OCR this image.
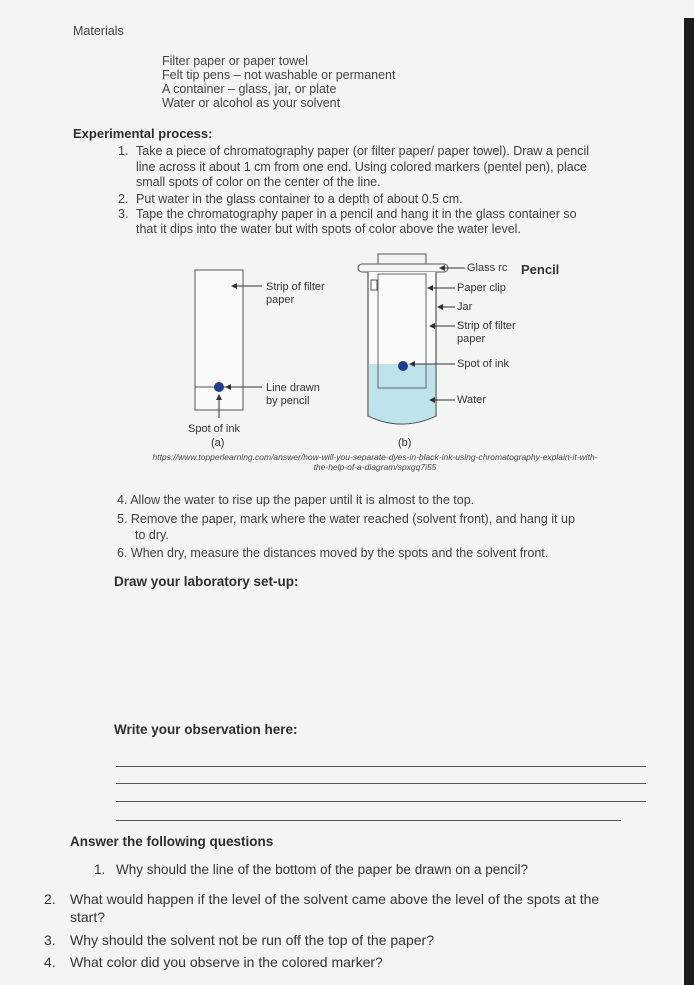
Materials
Filter paper or paper towel
Felt tip pens – not washable or permanent
A container – glass, jar, or plate
Water or alcohol as your solvent
Experimental process:
1. Take a piece of chromatography paper (or filter paper/ paper towel). Draw a pencil
line across it about 1 cm from one end. Using colored markers (pentel pen), place
small spots of color on the center of the line.
2. Put water in the glass container to a depth of about 0.5 cm.
3. Tape the chromatography paper in a pencil and hang it in the glass container so
that it dips into the water but with spots of color above the water level.
Strip of filter
paper
Line drawn
by pencil
Spot of ink
(a)
Glass rc Pencil
Paper clip
Jar
Strip of filter
paper
Spot of ink
Water
(b)
https://www.topperlearning.com/answer/how-will-you-separate-dyes-in-black-ink-using-chromatography-explain-it-with-
the-help-of-a-diagram/spxgq7i55
4. Allow the water to rise up the paper until it is almost to the top.
5. Remove the paper, mark where the water reached (solvent front), and hang it up
to dry.
6. When dry, measure the distances moved by the spots and the solvent front.
Draw your laboratory set-up:
Write your observation here:
Answer the following questions
1. Why should the line of the bottom of the paper be drawn on a pencil?
2. What would happen if the level of the solvent came above the level of the spots at the
start?
3. Why should the solvent not be run off the top of the paper?
4. What color did you observe in the colored marker?
